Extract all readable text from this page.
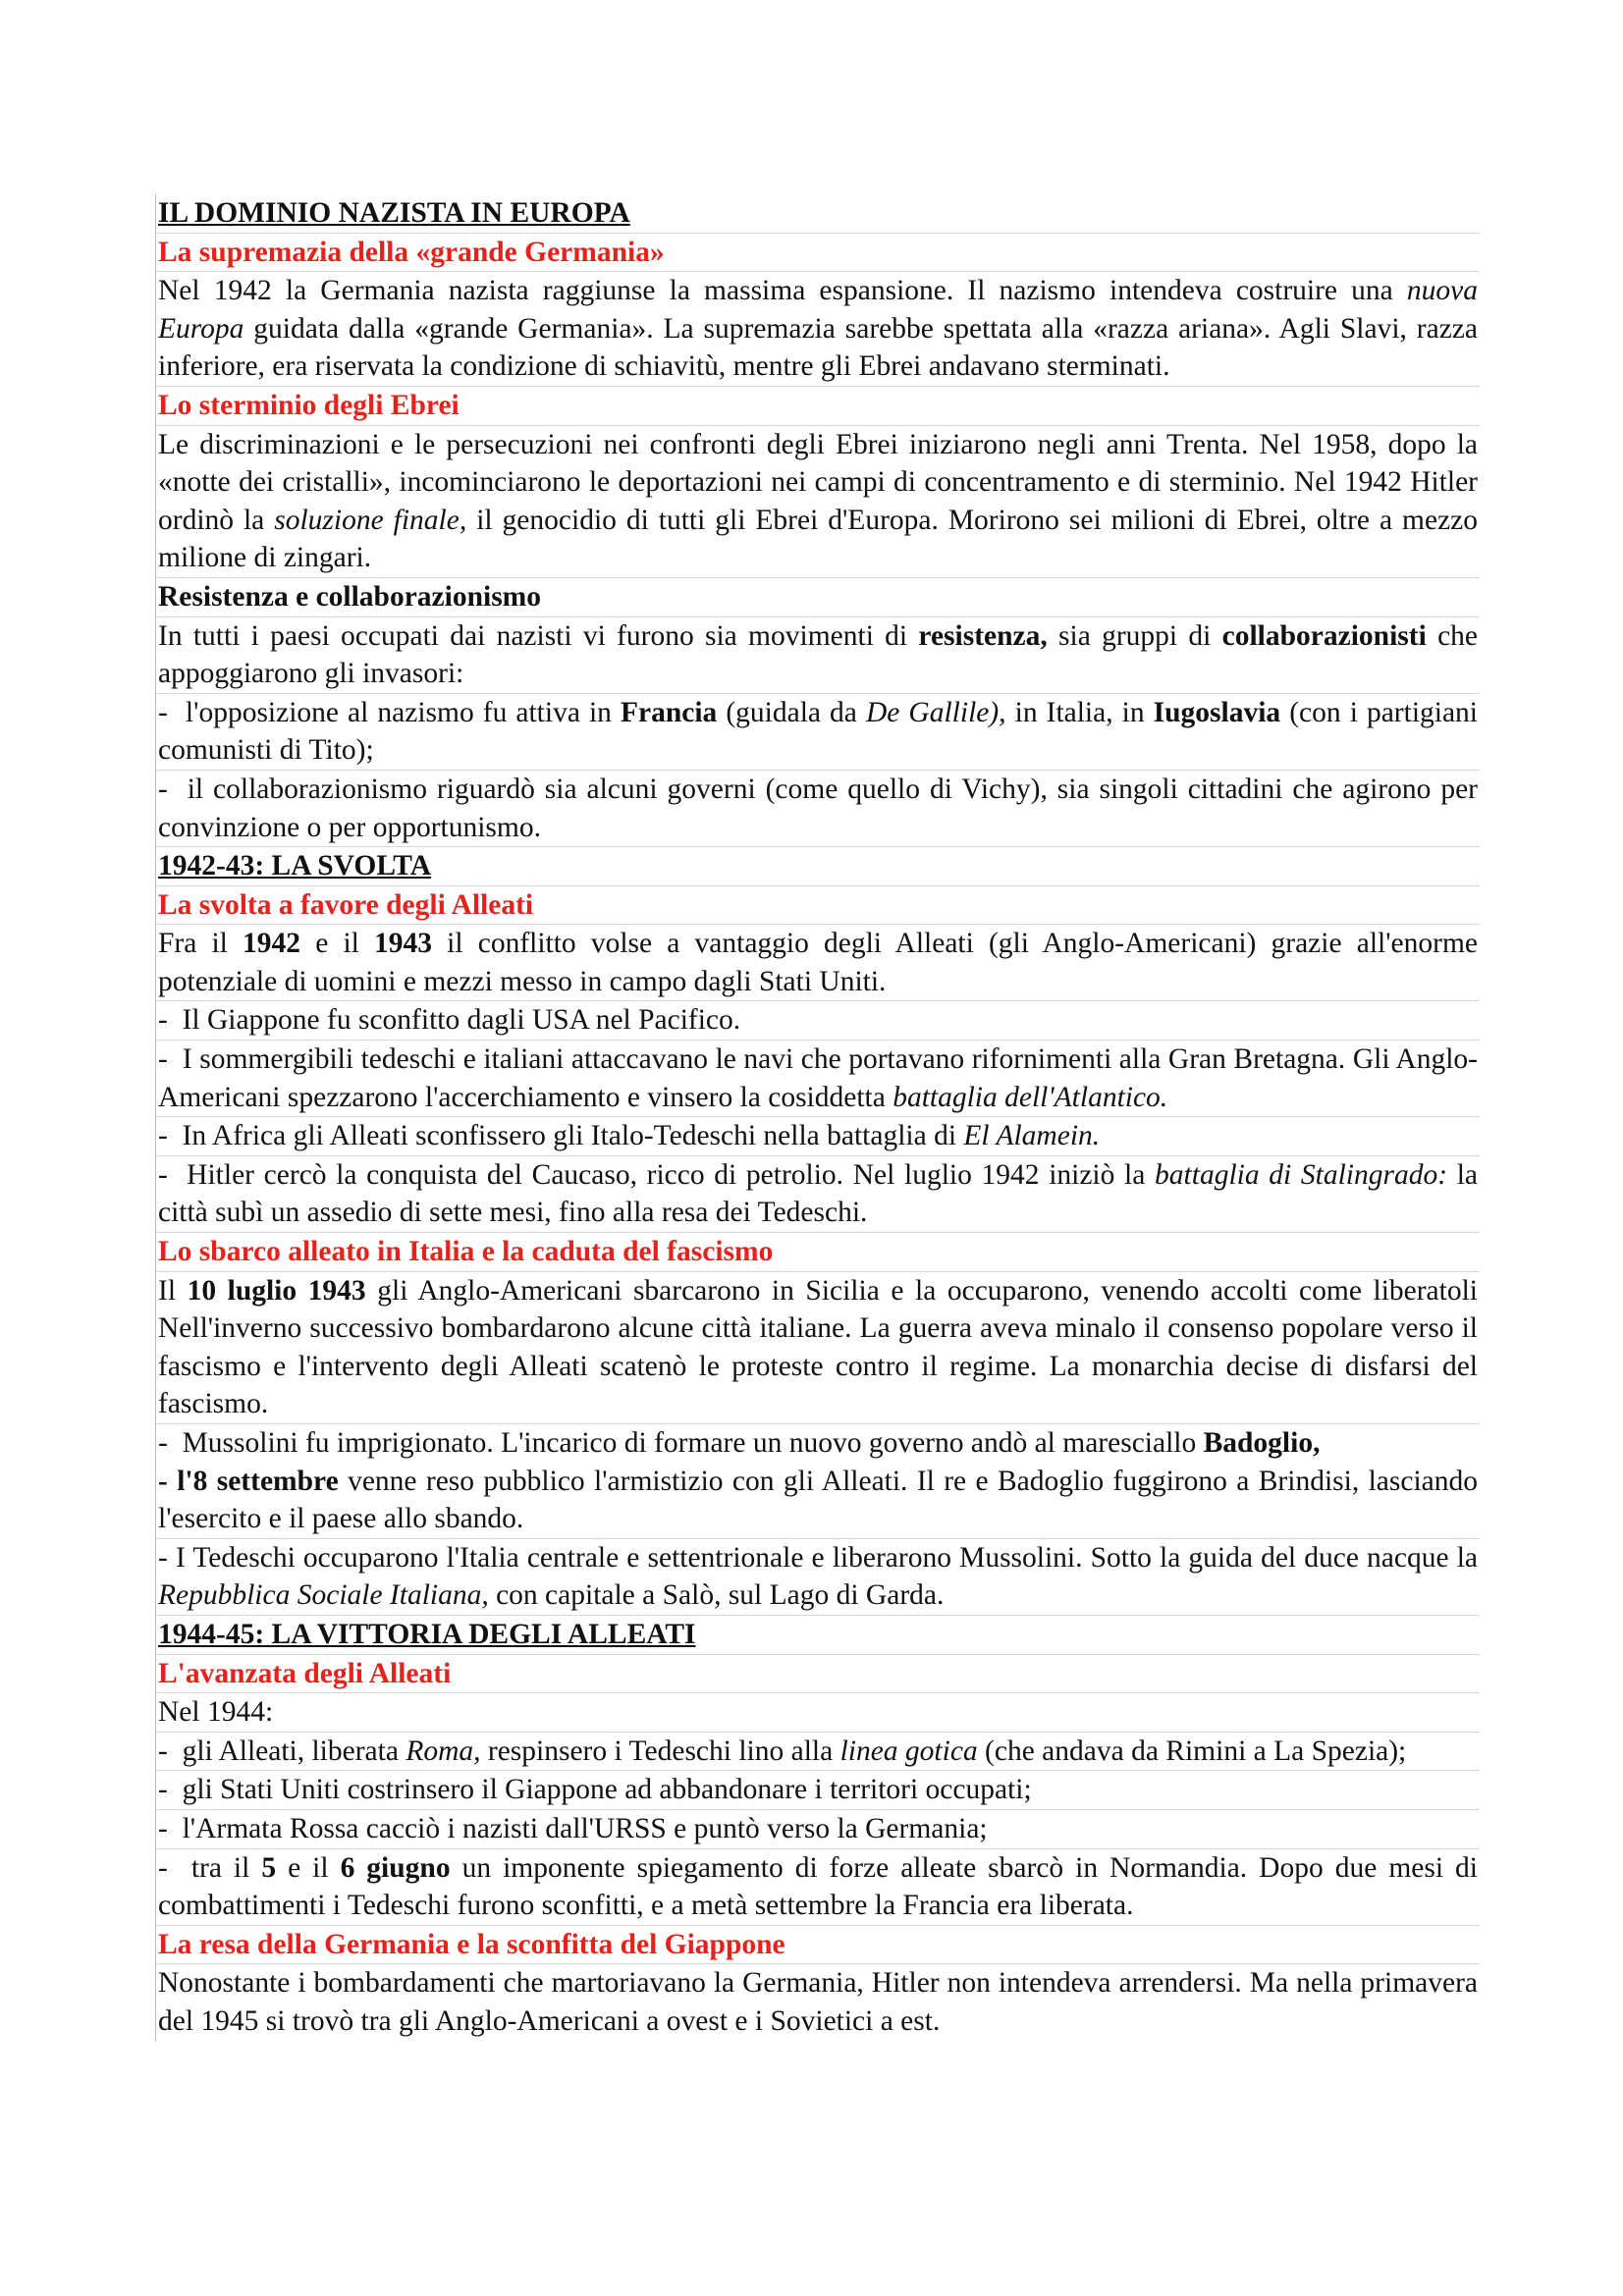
IL DOMINIO NAZISTA IN EUROPA
La supremazia della «grande Germania»
Nel 1942 la Germania nazista raggiunse la massima espansione. Il nazismo intendeva costruire una nuova Europa guidata dalla «grande Germania». La supremazia sarebbe spettata alla «razza ariana». Agli Slavi, razza inferiore, era riservata la condizione di schiavitù, mentre gli Ebrei andavano sterminati.
Lo sterminio degli Ebrei
Le discriminazioni e le persecuzioni nei confronti degli Ebrei iniziarono negli anni Trenta. Nel 1958, dopo la «notte dei cristalli», incominciarono le deportazioni nei campi di concentramento e di sterminio. Nel 1942 Hitler ordinò la soluzione finale, il genocidio di tutti gli Ebrei d'Europa. Morirono sei milioni di Ebrei, oltre a mezzo milione di zingari.
Resistenza e collaborazionismo
In tutti i paesi occupati dai nazisti vi furono sia movimenti di resistenza, sia gruppi di collaborazionisti che appoggiarono gli invasori:
-  l'opposizione al nazismo fu attiva in Francia (guidala da De Gallile), in Italia, in Iugoslavia (con i partigiani comunisti di Tito);
-  il collaborazionismo riguardò sia alcuni governi (come quello di Vichy), sia singoli cittadini che agirono per convinzione o per opportunismo.
1942-43: LA SVOLTA
La svolta a favore degli Alleati
Fra il 1942 e il 1943 il conflitto volse a vantaggio degli Alleati (gli Anglo-Americani) grazie all'enorme potenziale di uomini e mezzi messo in campo dagli Stati Uniti.
-  Il Giappone fu sconfitto dagli USA nel Pacifico.
-  I sommergibili tedeschi e italiani attaccavano le navi che portavano rifornimenti alla Gran Bretagna. Gli Anglo-Americani spezzarono l'accerchiamento e vinsero la cosiddetta battaglia dell'Atlantico.
-  In Africa gli Alleati sconfissero gli Italo-Tedeschi nella battaglia di El Alamein.
-  Hitler cercò la conquista del Caucaso, ricco di petrolio. Nel luglio 1942 iniziò la battaglia di Stalingrado: la città subì un assedio di sette mesi, fino alla resa dei Tedeschi.
Lo sbarco alleato in Italia e la caduta del fascismo
Il 10 luglio 1943 gli Anglo-Americani sbarcarono in Sicilia e la occuparono, venendo accolti come liberatoli Nell'inverno successivo bombardarono alcune città italiane. La guerra aveva minalo il consenso popolare verso il fascismo e l'intervento degli Alleati scatenò le proteste contro il regime. La monarchia decise di disfarsi del fascismo.
-  Mussolini fu imprigionato. L'incarico di formare un nuovo governo andò al maresciallo Badoglio,
- l'8 settembre venne reso pubblico l'armistizio con gli Alleati. Il re e Badoglio fuggirono a Brindisi, lasciando l'esercito e il paese allo sbando.
- I Tedeschi occuparono l'Italia centrale e settentrionale e liberarono Mussolini. Sotto la guida del duce nacque la Repubblica Sociale Italiana, con capitale a Salò, sul Lago di Garda.
1944-45: LA VITTORIA DEGLI ALLEATI
L'avanzata degli Alleati
Nel 1944:
-  gli Alleati, liberata Roma, respinsero i Tedeschi lino alla linea gotica (che andava da Rimini a La Spezia);
-  gli Stati Uniti costrinsero il Giappone ad abbandonare i territori occupati;
-  l'Armata Rossa cacciò i nazisti dall'URSS e puntò verso la Germania;
-  tra il 5 e il 6 giugno un imponente spiegamento di forze alleate sbarcò in Normandia. Dopo due mesi di combattimenti i Tedeschi furono sconfitti, e a metà settembre la Francia era liberata.
La resa della Germania e la sconfitta del Giappone
Nonostante i bombardamenti che martoriavano la Germania, Hitler non intendeva arrendersi. Ma nella primavera del 1945 si trovò tra gli Anglo-Americani a ovest e i Sovietici a est.
